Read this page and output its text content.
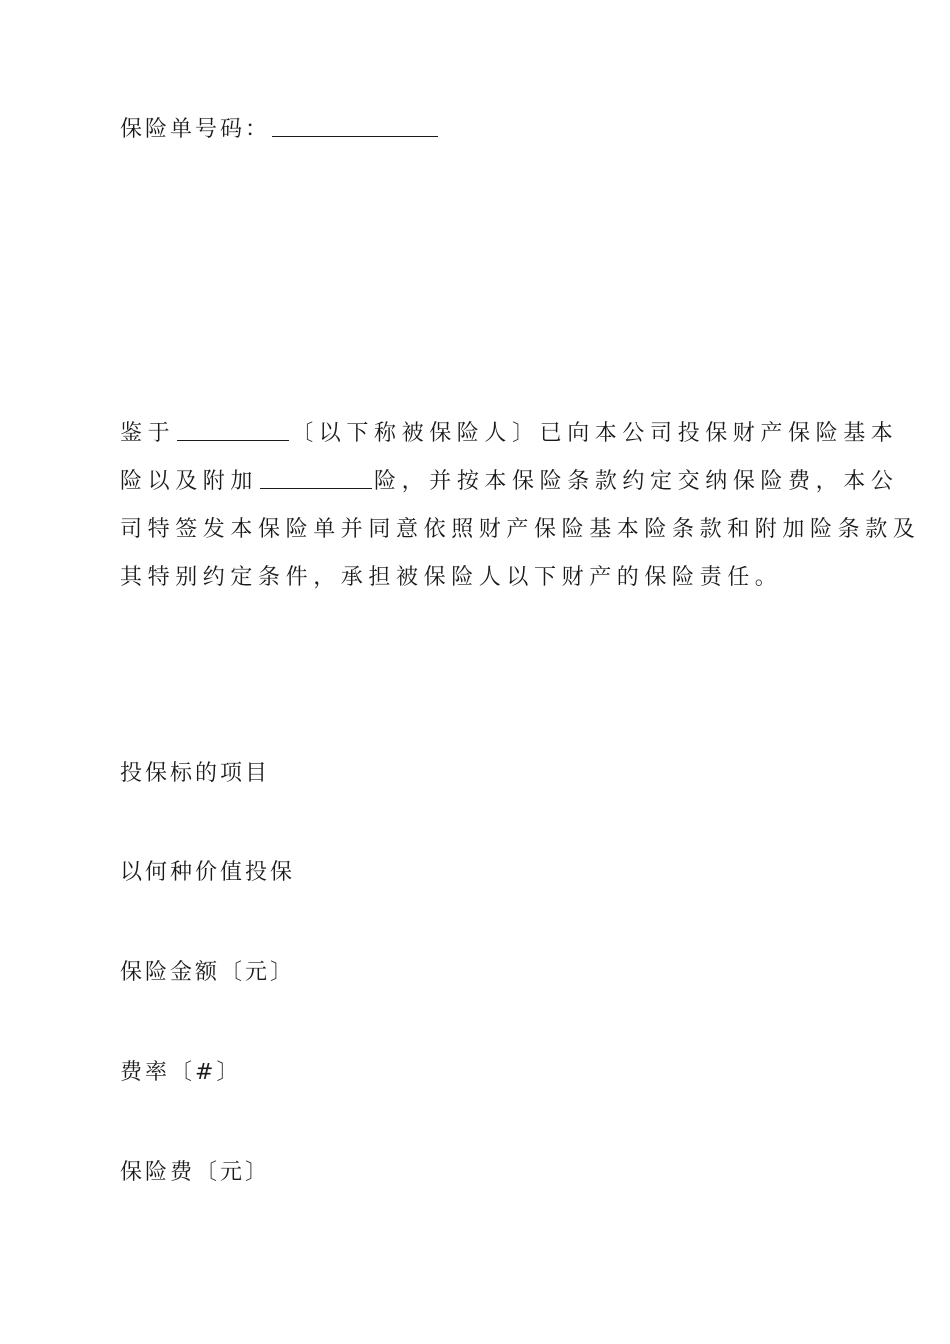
保险单号码：
鉴于	〔以下称被保险人〕已向本公司投保财产保险基本
险以及附加	险，并按本保险条款约定交纳保险费，本公
司特签发本保险单并同意依照财产保险基本险条款和附加险条款及
其特别约定条件，承担被保险人以下财产的保险责任。
投保标的项目
以何种价值投保
保险金额〔元〕
费率〔#〕
保险费〔元〕
